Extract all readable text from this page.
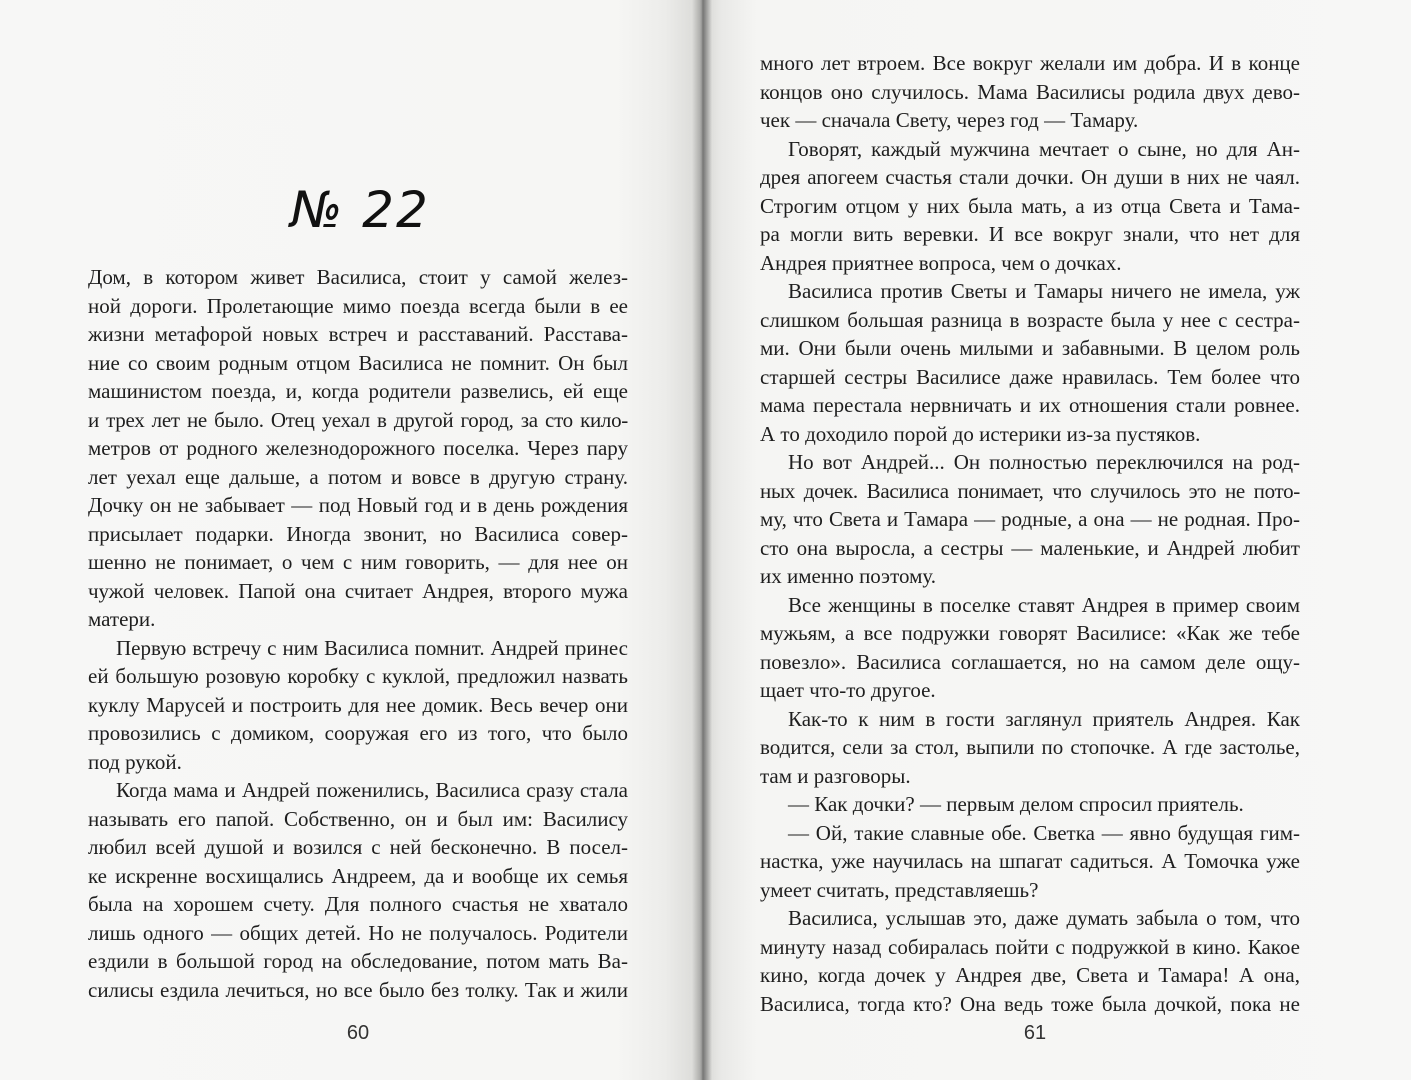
№ 22
Дом, в котором живет Василиса, стоит у самой желез-
ной дороги. Пролетающие мимо поезда всегда были в ее
жизни метафорой новых встреч и расставаний. Расстава-
ние со своим родным отцом Василиса не помнит. Он был
машинистом поезда, и, когда родители развелись, ей еще
и трех лет не было. Отец уехал в другой город, за сто кило-
метров от родного железнодорожного поселка. Через пару
лет уехал еще дальше, а потом и вовсе в другую страну.
Дочку он не забывает — под Новый год и в день рождения
присылает подарки. Иногда звонит, но Василиса совер-
шенно не понимает, о чем с ним говорить, — для нее он
чужой человек. Папой она считает Андрея, второго мужа
матери.
Первую встречу с ним Василиса помнит. Андрей принес
ей большую розовую коробку с куклой, предложил назвать
куклу Марусей и построить для нее домик. Весь вечер они
провозились с домиком, сооружая его из того, что было
под рукой.
Когда мама и Андрей поженились, Василиса сразу стала
называть его папой. Собственно, он и был им: Василису
любил всей душой и возился с ней бесконечно. В посел-
ке искренне восхищались Андреем, да и вообще их семья
была на хорошем счету. Для полного счастья не хватало
лишь одного — общих детей. Но не получалось. Родители
ездили в большой город на обследование, потом мать Ва-
силисы ездила лечиться, но все было без толку. Так и жили
60
много лет втроем. Все вокруг желали им добра. И в конце
концов оно случилось. Мама Василисы родила двух дево-
чек — сначала Свету, через год — Тамару.
Говорят, каждый мужчина мечтает о сыне, но для Ан-
дрея апогеем счастья стали дочки. Он души в них не чаял.
Строгим отцом у них была мать, а из отца Света и Тама-
ра могли вить веревки. И все вокруг знали, что нет для
Андрея приятнее вопроса, чем о дочках.
Василиса против Светы и Тамары ничего не имела, уж
слишком большая разница в возрасте была у нее с сестра-
ми. Они были очень милыми и забавными. В целом роль
старшей сестры Василисе даже нравилась. Тем более что
мама перестала нервничать и их отношения стали ровнее.
А то доходило порой до истерики из-за пустяков.
Но вот Андрей... Он полностью переключился на род-
ных дочек. Василиса понимает, что случилось это не пото-
му, что Света и Тамара — родные, а она — не родная. Про-
сто она выросла, а сестры — маленькие, и Андрей любит
их именно поэтому.
Все женщины в поселке ставят Андрея в пример своим
мужьям, а все подружки говорят Василисе: «Как же тебе
повезло». Василиса соглашается, но на самом деле ощу-
щает что-то другое.
Как-то к ним в гости заглянул приятель Андрея. Как
водится, сели за стол, выпили по стопочке. А где застолье,
там и разговоры.
— Как дочки? — первым делом спросил приятель.
— Ой, такие славные обе. Светка — явно будущая гим-
настка, уже научилась на шпагат садиться. А Томочка уже
умеет считать, представляешь?
Василиса, услышав это, даже думать забыла о том, что
минуту назад собиралась пойти с подружкой в кино. Какое
кино, когда дочек у Андрея две, Света и Тамара! А она,
Василиса, тогда кто? Она ведь тоже была дочкой, пока не
61
